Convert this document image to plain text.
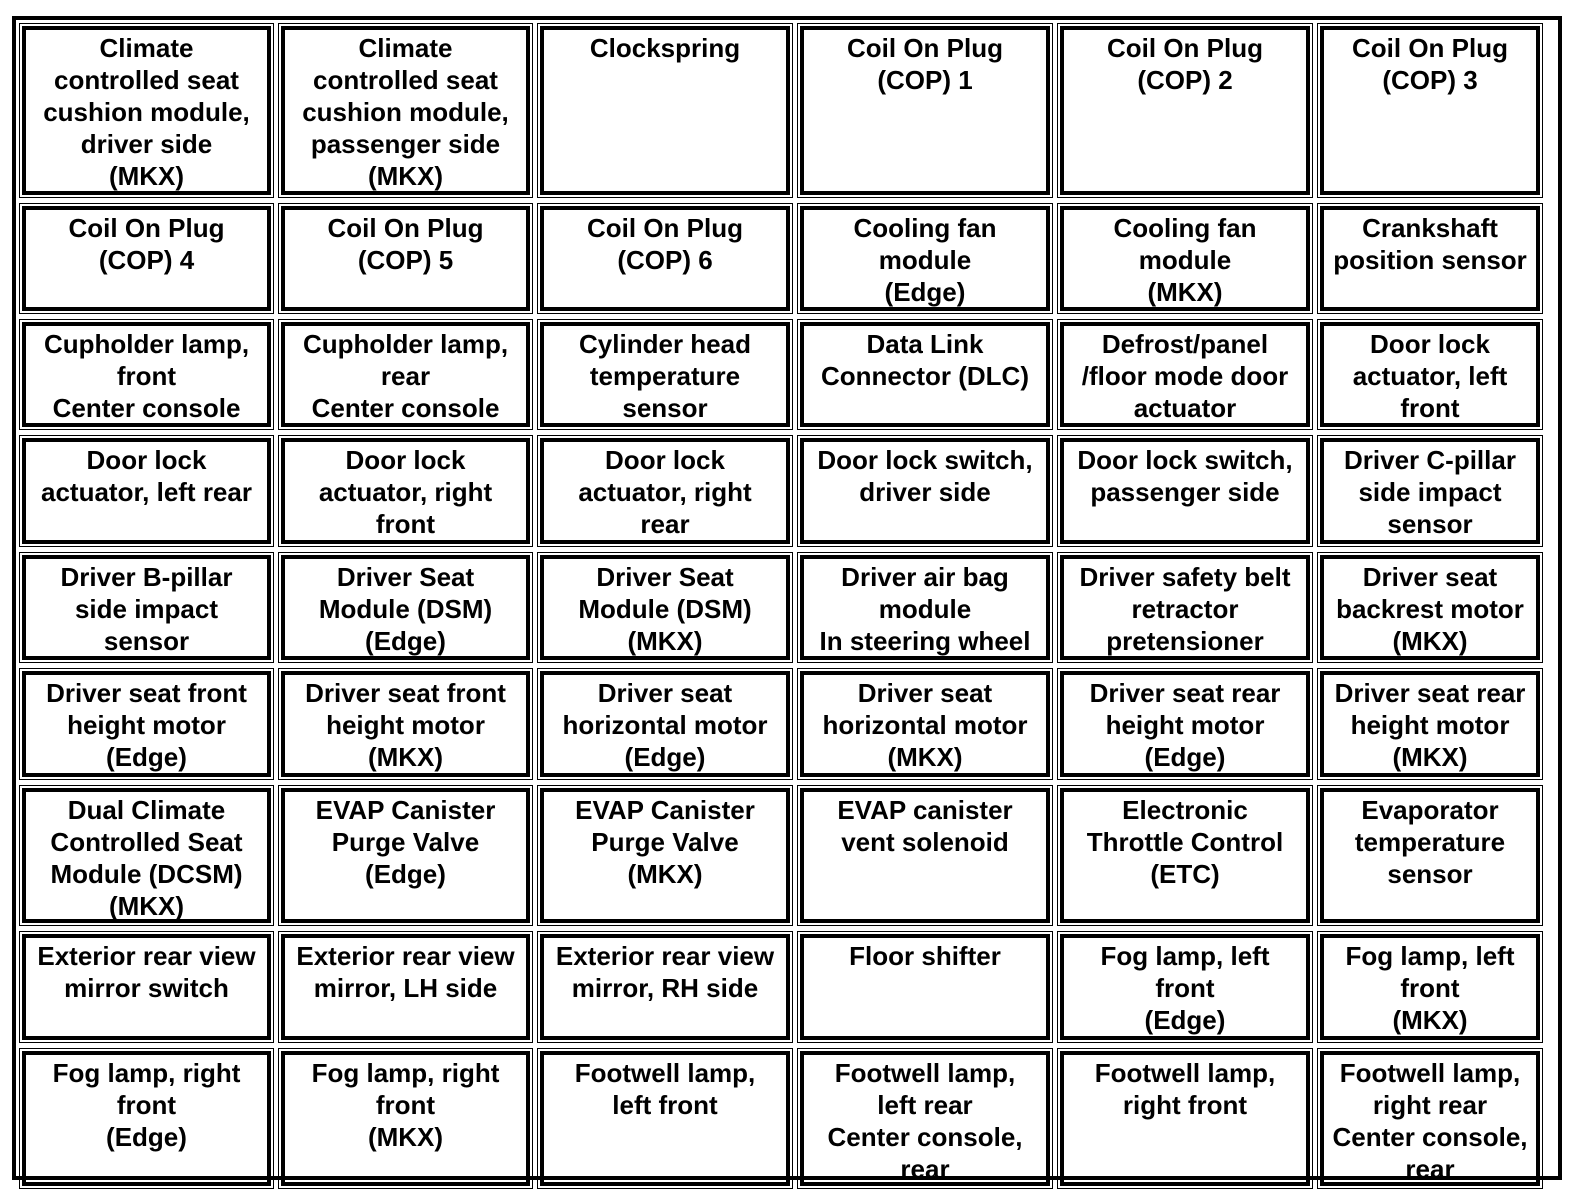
Climate
controlled seat
cushion module,
driver side
(MKX)
Climate
controlled seat
cushion module,
passenger side
(MKX)
Clockspring	Coil On Plug
(COP) 1
Coil On Plug
(COP) 2
Coil On Plug
(COP) 3
Coil On Plug
(COP) 4
Coil On Plug
(COP) 5
Coil On Plug
(COP) 6
Cooling fan
module
(Edge)
Cooling fan
module
(MKX)
Crankshaft
position sensor
Cupholder lamp,
front
Center console
Cupholder lamp,
rear
Center console
Cylinder head
temperature
sensor
Data Link
Connector (DLC)
Defrost/panel
/floor mode door
actuator
Door lock
actuator, left
front
Door lock
actuator, left rear
Door lock
actuator, right
front
Door lock
actuator, right
rear
Door lock switch,
driver side
Door lock switch,
passenger side
Driver C-pillar
side impact
sensor
Driver B-pillar
side impact
sensor
Driver Seat
Module (DSM)
(Edge)
Driver Seat
Module (DSM)
(MKX)
Driver air bag
module
In steering wheel
Driver safety belt
retractor
pretensioner
Driver seat
backrest motor
(MKX)
Driver seat front
height motor
(Edge)
Driver seat front
height motor
(MKX)
Driver seat
horizontal motor
(Edge)
Driver seat
horizontal motor
(MKX)
Driver seat rear
height motor
(Edge)
Driver seat rear
height motor
(MKX)
Dual Climate
Controlled Seat
Module (DCSM)
(MKX)
EVAP Canister
Purge Valve
(Edge)
EVAP Canister
Purge Valve
(MKX)
EVAP canister
vent solenoid
Electronic
Throttle Control
(ETC)
Evaporator
temperature
sensor
Exterior rear view
mirror switch
Exterior rear view
mirror, LH side
Exterior rear view
mirror, RH side
Floor shifter	Fog lamp, left
front
(Edge)
Fog lamp, left
front
(MKX)
Fog lamp, right
front
(Edge)
Fog lamp, right
front
(MKX)
Footwell lamp,
left front
Footwell lamp,
left rear
Center console,
rear
Footwell lamp,
right front
Footwell lamp,
right rear
Center console,
rear
